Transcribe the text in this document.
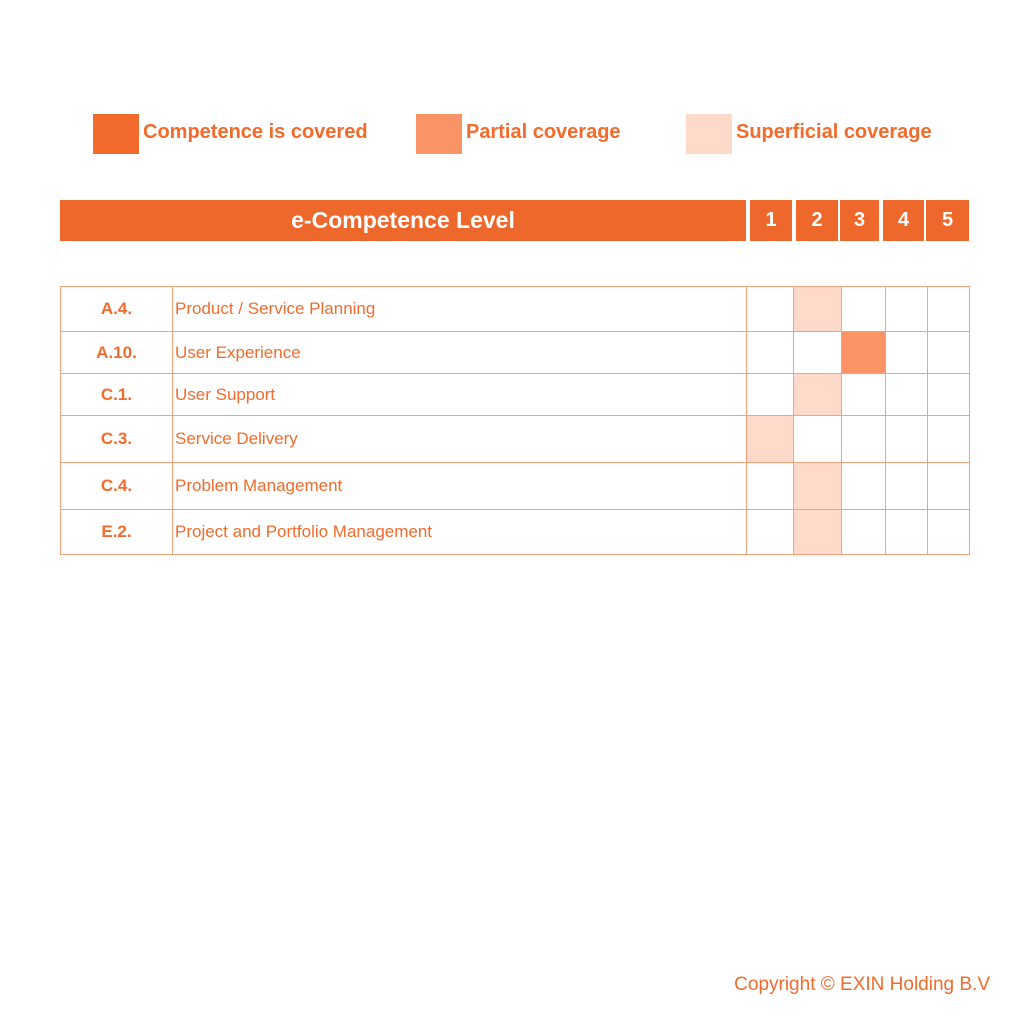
Competence is covered	Partial coverage	Superficial coverage
e-Competence Level	1	2	3	4	5
A.4.	Product / Service Planning					
A.10.	User Experience					
C.1.	User Support					
C.3.	Service Delivery					
C.4.	Problem Management					
E.2.	Project and Portfolio Management					
Copyright © EXIN Holding B.V
